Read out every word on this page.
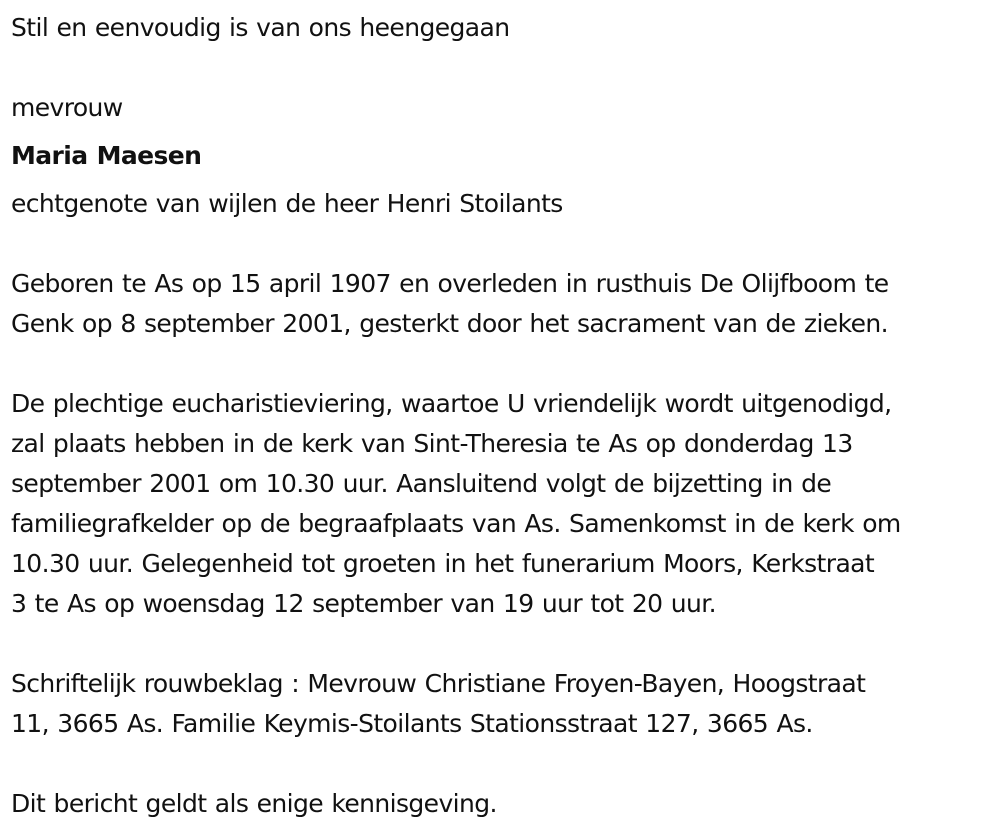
Stil en eenvoudig is van ons heengegaan
mevrouw
Maria Maesen
echtgenote van wijlen de heer Henri Stoilants
Geboren te As op 15 april 1907 en overleden in rusthuis De Olijfboom te
Genk op 8 september 2001, gesterkt door het sacrament van de zieken.
De plechtige eucharistieviering, waartoe U vriendelijk wordt uitgenodigd,
zal plaats hebben in de kerk van Sint-Theresia te As op donderdag 13
september 2001 om 10.30 uur. Aansluitend volgt de bijzetting in de
familiegrafkelder op de begraafplaats van As. Samenkomst in de kerk om
10.30 uur. Gelegenheid tot groeten in het funerarium Moors, Kerkstraat
3 te As op woensdag 12 september van 19 uur tot 20 uur.
Schriftelijk rouwbeklag : Mevrouw Christiane Froyen-Bayen, Hoogstraat
11, 3665 As. Familie Keymis-Stoilants Stationsstraat 127, 3665 As.
Dit bericht geldt als enige kennisgeving.
